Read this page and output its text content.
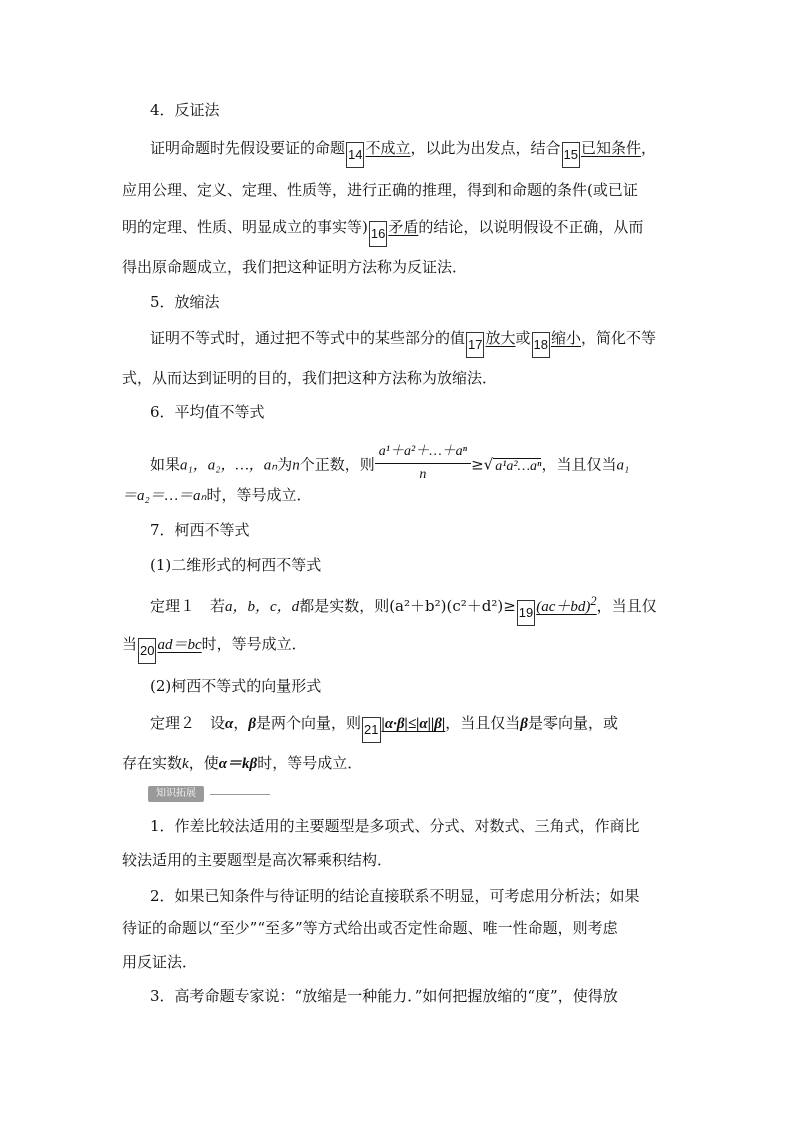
4．反证法
证明命题时先假设要证的命题 14 不成立，以此为出发点，结合 15 已知条件，
应用公理、定义、定理、性质等，进行正确的推理，得到和命题的条件(或已证
明的定理、性质、明显成立的事实等) 16 矛盾的结论，以说明假设不正确，从而
得出原命题成立，我们把这种证明方法称为反证法．
5．放缩法
证明不等式时，通过把不等式中的某些部分的值 17 放大或 18 缩小，简化不等
式，从而达到证明的目的，我们把这种方法称为放缩法．
6．平均值不等式
如果a₁，a₂，…，aₙ为n个正数，则 $\frac{\text{a¹＋a²＋…＋aⁿ}}{n}$ ≥√ a¹a²…aⁿ，当且仅当a₁
＝a₂＝…＝aₙ时，等号成立．
7．柯西不等式
(1)二维形式的柯西不等式
定理１　若a，b，c，d都是实数，则(a²＋b²)(c²＋d²)≥ 19 $(ac+bd)^2$，当且仅
当 20 ad＝bc时，等号成立．
(2)柯西不等式的向量形式
定理２　设α，β是两个向量，则 21 |α·β|≤|α||β|，当且仅当β是零向量，或
存在实数k，使α＝kβ时，等号成立．
知识拓展
1．作差比较法适用的主要题型是多项式、分式、对数式、三角式，作商比
较法适用的主要题型是高次幂乘积结构．
2．如果已知条件与待证明的结论直接联系不明显，可考虑用分析法；如果
待证的命题以“至少”“至多”等方式给出或否定性命题、唯一性命题，则考虑
用反证法．
3．高考命题专家说：“放缩是一种能力．”如何把握放缩的“度”，使得放
